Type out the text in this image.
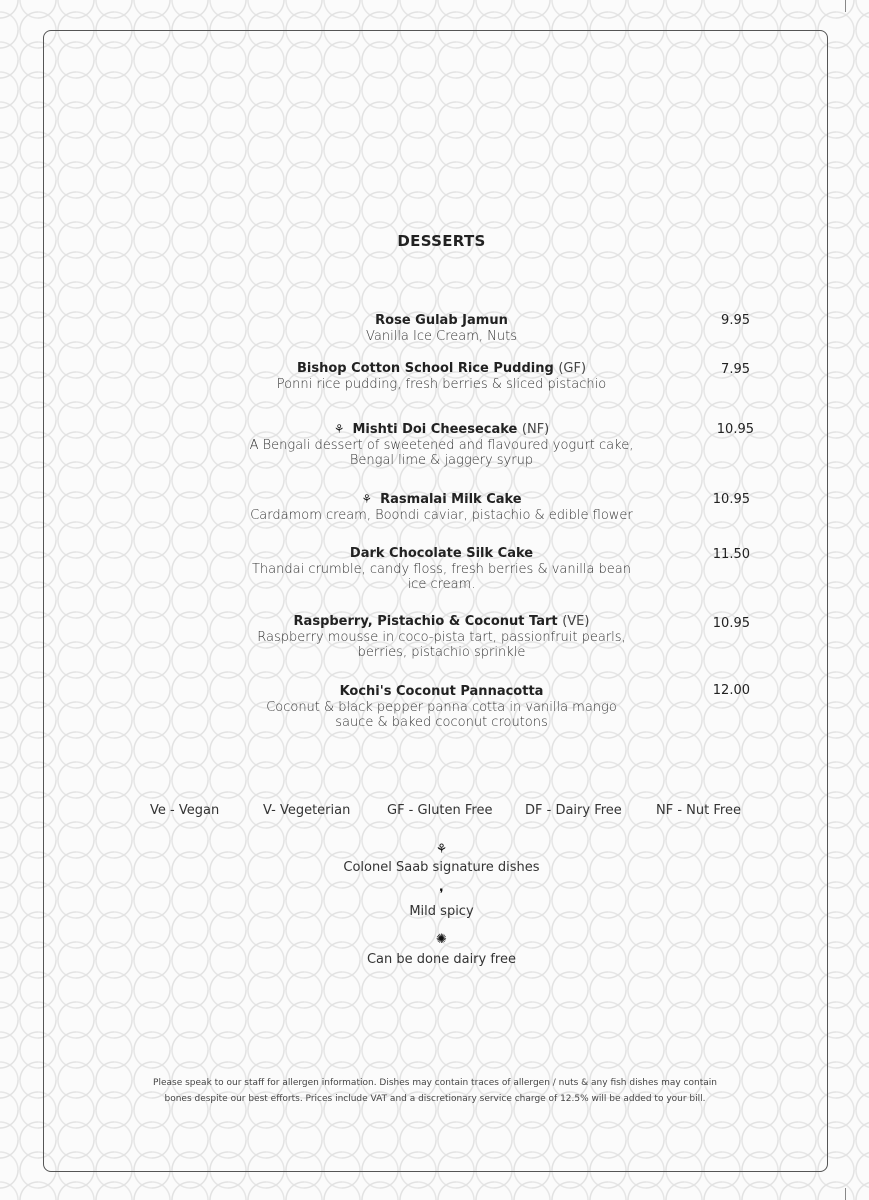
DESSERTS
Rose Gulab Jamun
Vanilla Ice Cream, Nuts
9.95
Bishop Cotton School Rice Pudding (GF)
Ponni rice pudding, fresh berries & sliced pistachio
7.95
⚘ Mishti Doi Cheesecake (NF)
A Bengali dessert of sweetened and flavoured yogurt cake, Bengal lime & jaggery syrup
10.95
⚘ Rasmalai Milk Cake
Cardamom cream, Boondi caviar, pistachio & edible flower
10.95
Dark Chocolate Silk Cake
Thandai crumble, candy floss, fresh berries & vanilla bean ice cream.
11.50
Raspberry, Pistachio & Coconut Tart (VE)
Raspberry mousse in coco-pista tart, passionfruit pearls, berries, pistachio sprinkle
10.95
Kochi's Coconut Pannacotta
Coconut & black pepper panna cotta in vanilla mango sauce & baked coconut croutons
12.00
Ve - Vegan	V- Vegeterian	GF - Gluten Free	DF - Dairy Free	NF - Nut Free
⚘
Colonel Saab signature dishes
❜
Mild spicy
✺
Can be done dairy free
Please speak to our staff for allergen information. Dishes may contain traces of allergen / nuts & any fish dishes may contain bones despite our best efforts. Prices include VAT and a discretionary service charge of 12.5% will be added to your bill.
